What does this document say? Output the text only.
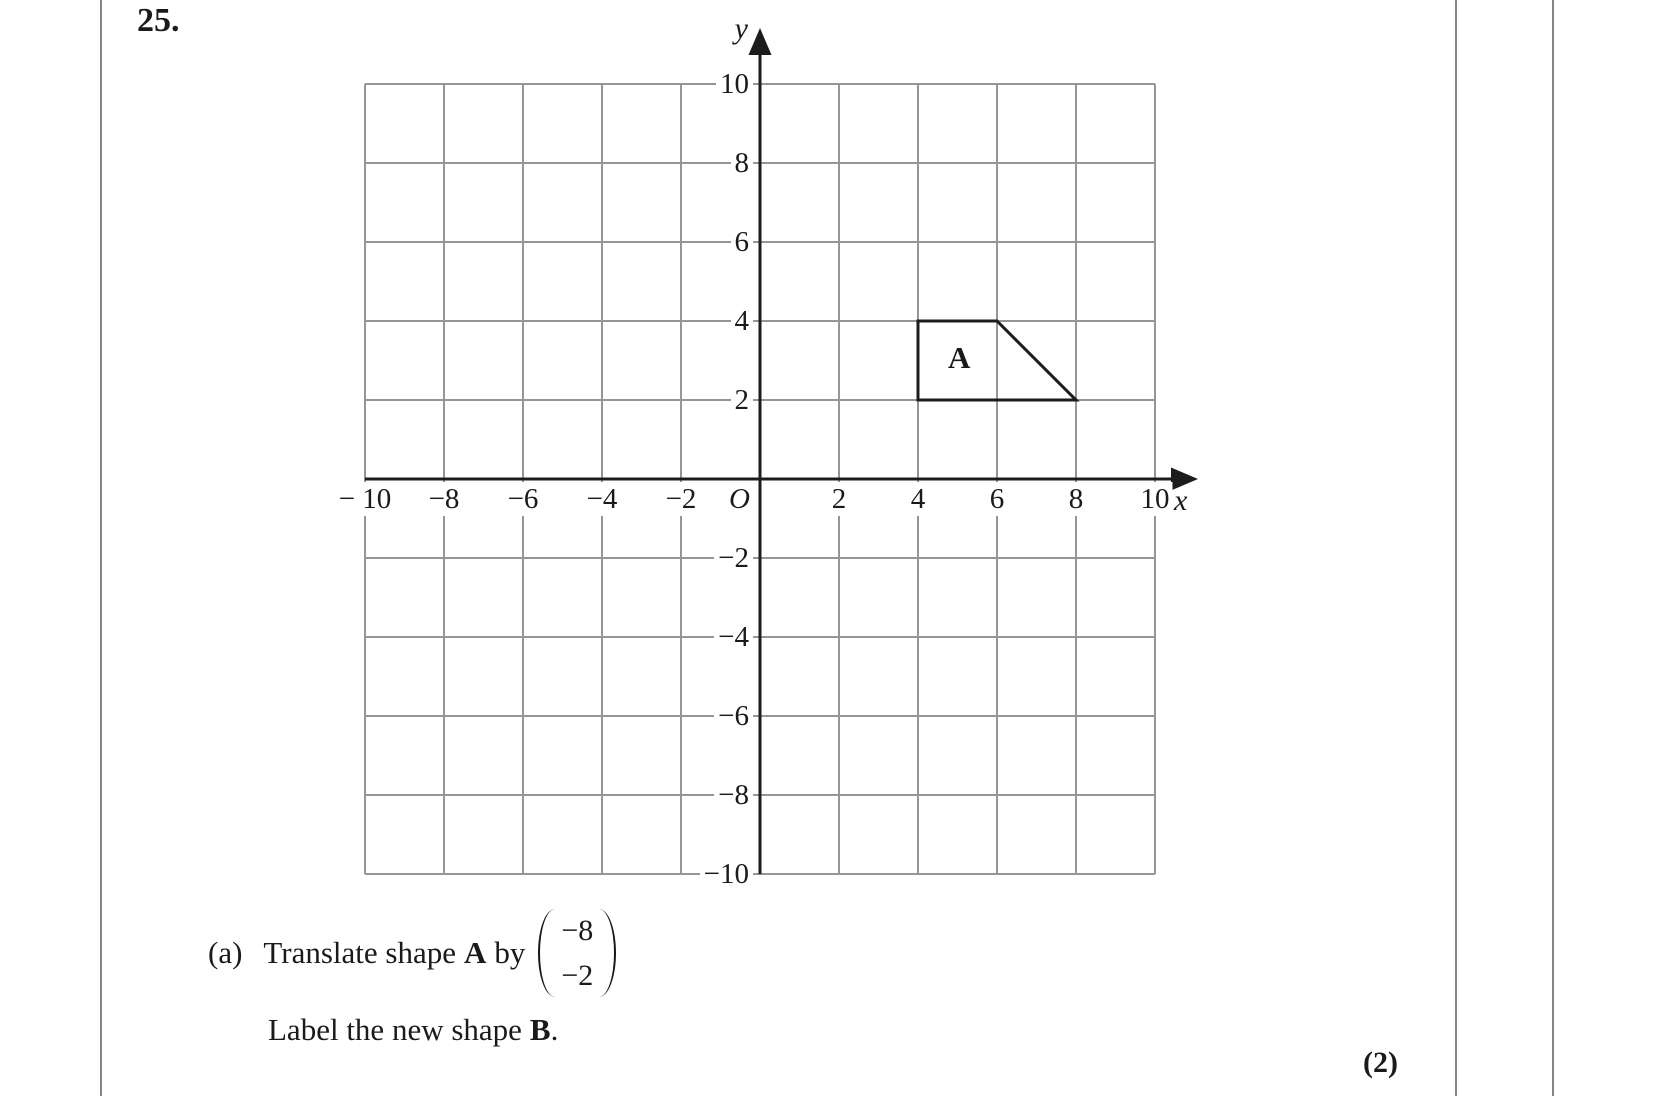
25.	y
x
O
− 10 −8 −6 −4 −2	2 4 6 8 10
10
8
6
4
2
−2
−4
−6
−8
−10
A
(a) Translate shape A by
−8
−2
Label the new shape B.
(2)
